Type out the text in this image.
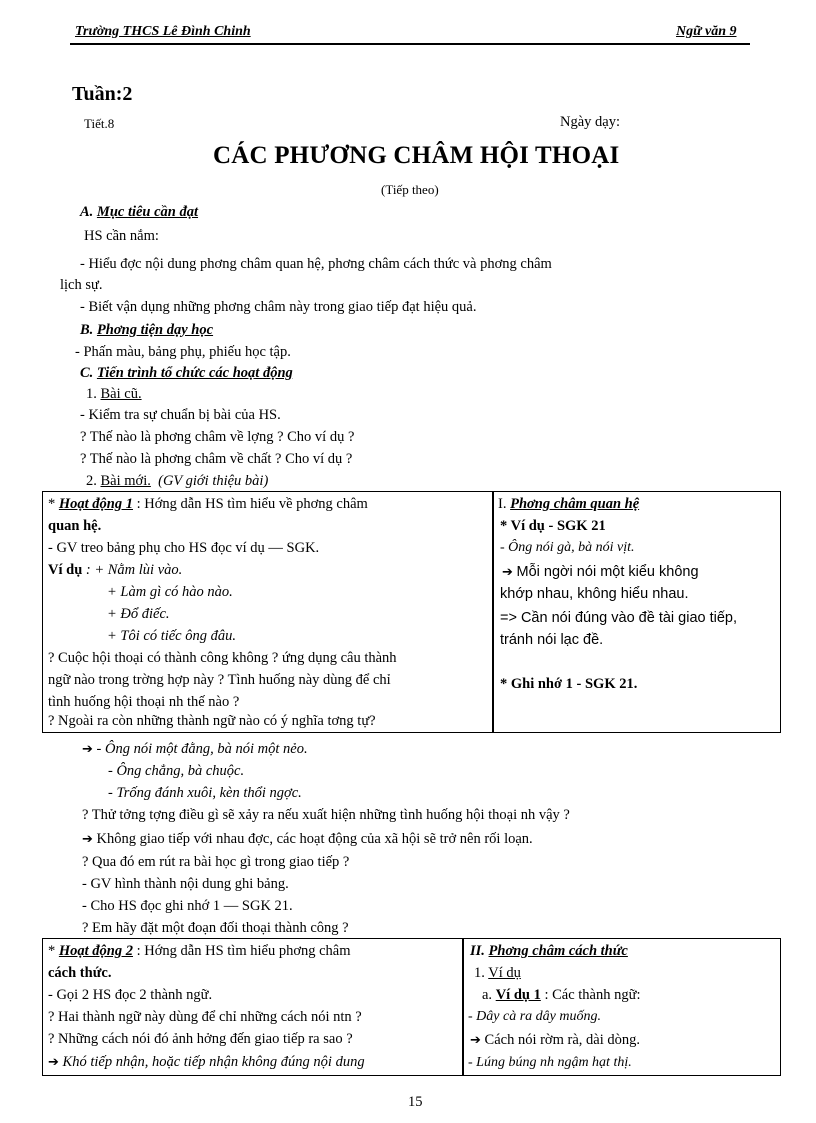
Trường THCS Lê Đình Chinh	Ngữ văn 9
Tuần:2
Tiết.8	Ngày dạy:
CÁC PHƯƠNG CHÂM HỘI THOẠI
(Tiếp theo)
A. Mục tiêu cần đạt
HS cần nắm:
- Hiểu đợc nội dung phơng châm quan hệ, phơng châm cách thức và phơng châm
lịch sự.
- Biết vận dụng những phơng châm này trong giao tiếp đạt hiệu quả.
B. Phơng tiện dạy học
- Phấn màu, bảng phụ, phiếu học tập.
C. Tiến trình tổ chức các hoạt động
1. Bài cũ.
- Kiểm tra sự chuẩn bị bài của HS.
? Thế nào là phơng châm về lợng ? Cho ví dụ ?
? Thế nào là phơng châm về chất ? Cho ví dụ ?
2. Bài mới. (GV giới thiệu bài)
* Hoạt động 1 : Hớng dẫn HS tìm hiểu về phơng châm
quan hệ.
- GV treo bảng phụ cho HS đọc ví dụ — SGK.
Ví dụ : + Nằm lùi vào.
+ Làm gì có hào nào.
+ Đổ điếc.
+ Tôi có tiếc ông đâu.
? Cuộc hội thoại có thành công không ? ứng dụng câu thành
ngữ nào trong trờng hợp này ? Tình huống này dùng để chỉ
tình huống hội thoại nh thế nào ?
? Ngoài ra còn những thành ngữ nào có ý nghĩa tơng tự?
I. Phơng châm quan hệ
* Ví dụ - SGK 21
- Ông nói gà, bà nói vịt.
➔ Mỗi ngời nói một kiểu không
khớp nhau, không hiểu nhau.
=> Cần nói đúng vào đề tài giao tiếp,
tránh nói lạc đề.
* Ghi nhớ 1 - SGK 21.
➔ - Ông nói một đằng, bà nói một nẻo.
- Ông chẳng, bà chuộc.
- Trống đánh xuôi, kèn thổi ngợc.
? Thử tởng tợng điều gì sẽ xảy ra nếu xuất hiện những tình huống hội thoại nh vậy ?
➔ Không giao tiếp với nhau đợc, các hoạt động của xã hội sẽ trở nên rối loạn.
? Qua đó em rút ra bài học gì trong giao tiếp ?
- GV hình thành nội dung ghi bảng.
- Cho HS đọc ghi nhớ 1 — SGK 21.
? Em hãy đặt một đoạn đối thoại thành công ?
* Hoạt động 2 : Hớng dẫn HS tìm hiểu phơng châm
cách thức.
- Gọi 2 HS đọc 2 thành ngữ.
? Hai thành ngữ này dùng để chỉ những cách nói ntn ?
? Những cách nói đó ảnh hởng đến giao tiếp ra sao ?
➔ Khó tiếp nhận, hoặc tiếp nhận không đúng nội dung
II. Phơng châm cách thức
1. Ví dụ
a. Ví dụ 1 : Các thành ngữ:
- Dây cà ra dây muống.
➔ Cách nói rờm rà, dài dòng.
- Lúng búng nh ngậm hạt thị.
15
